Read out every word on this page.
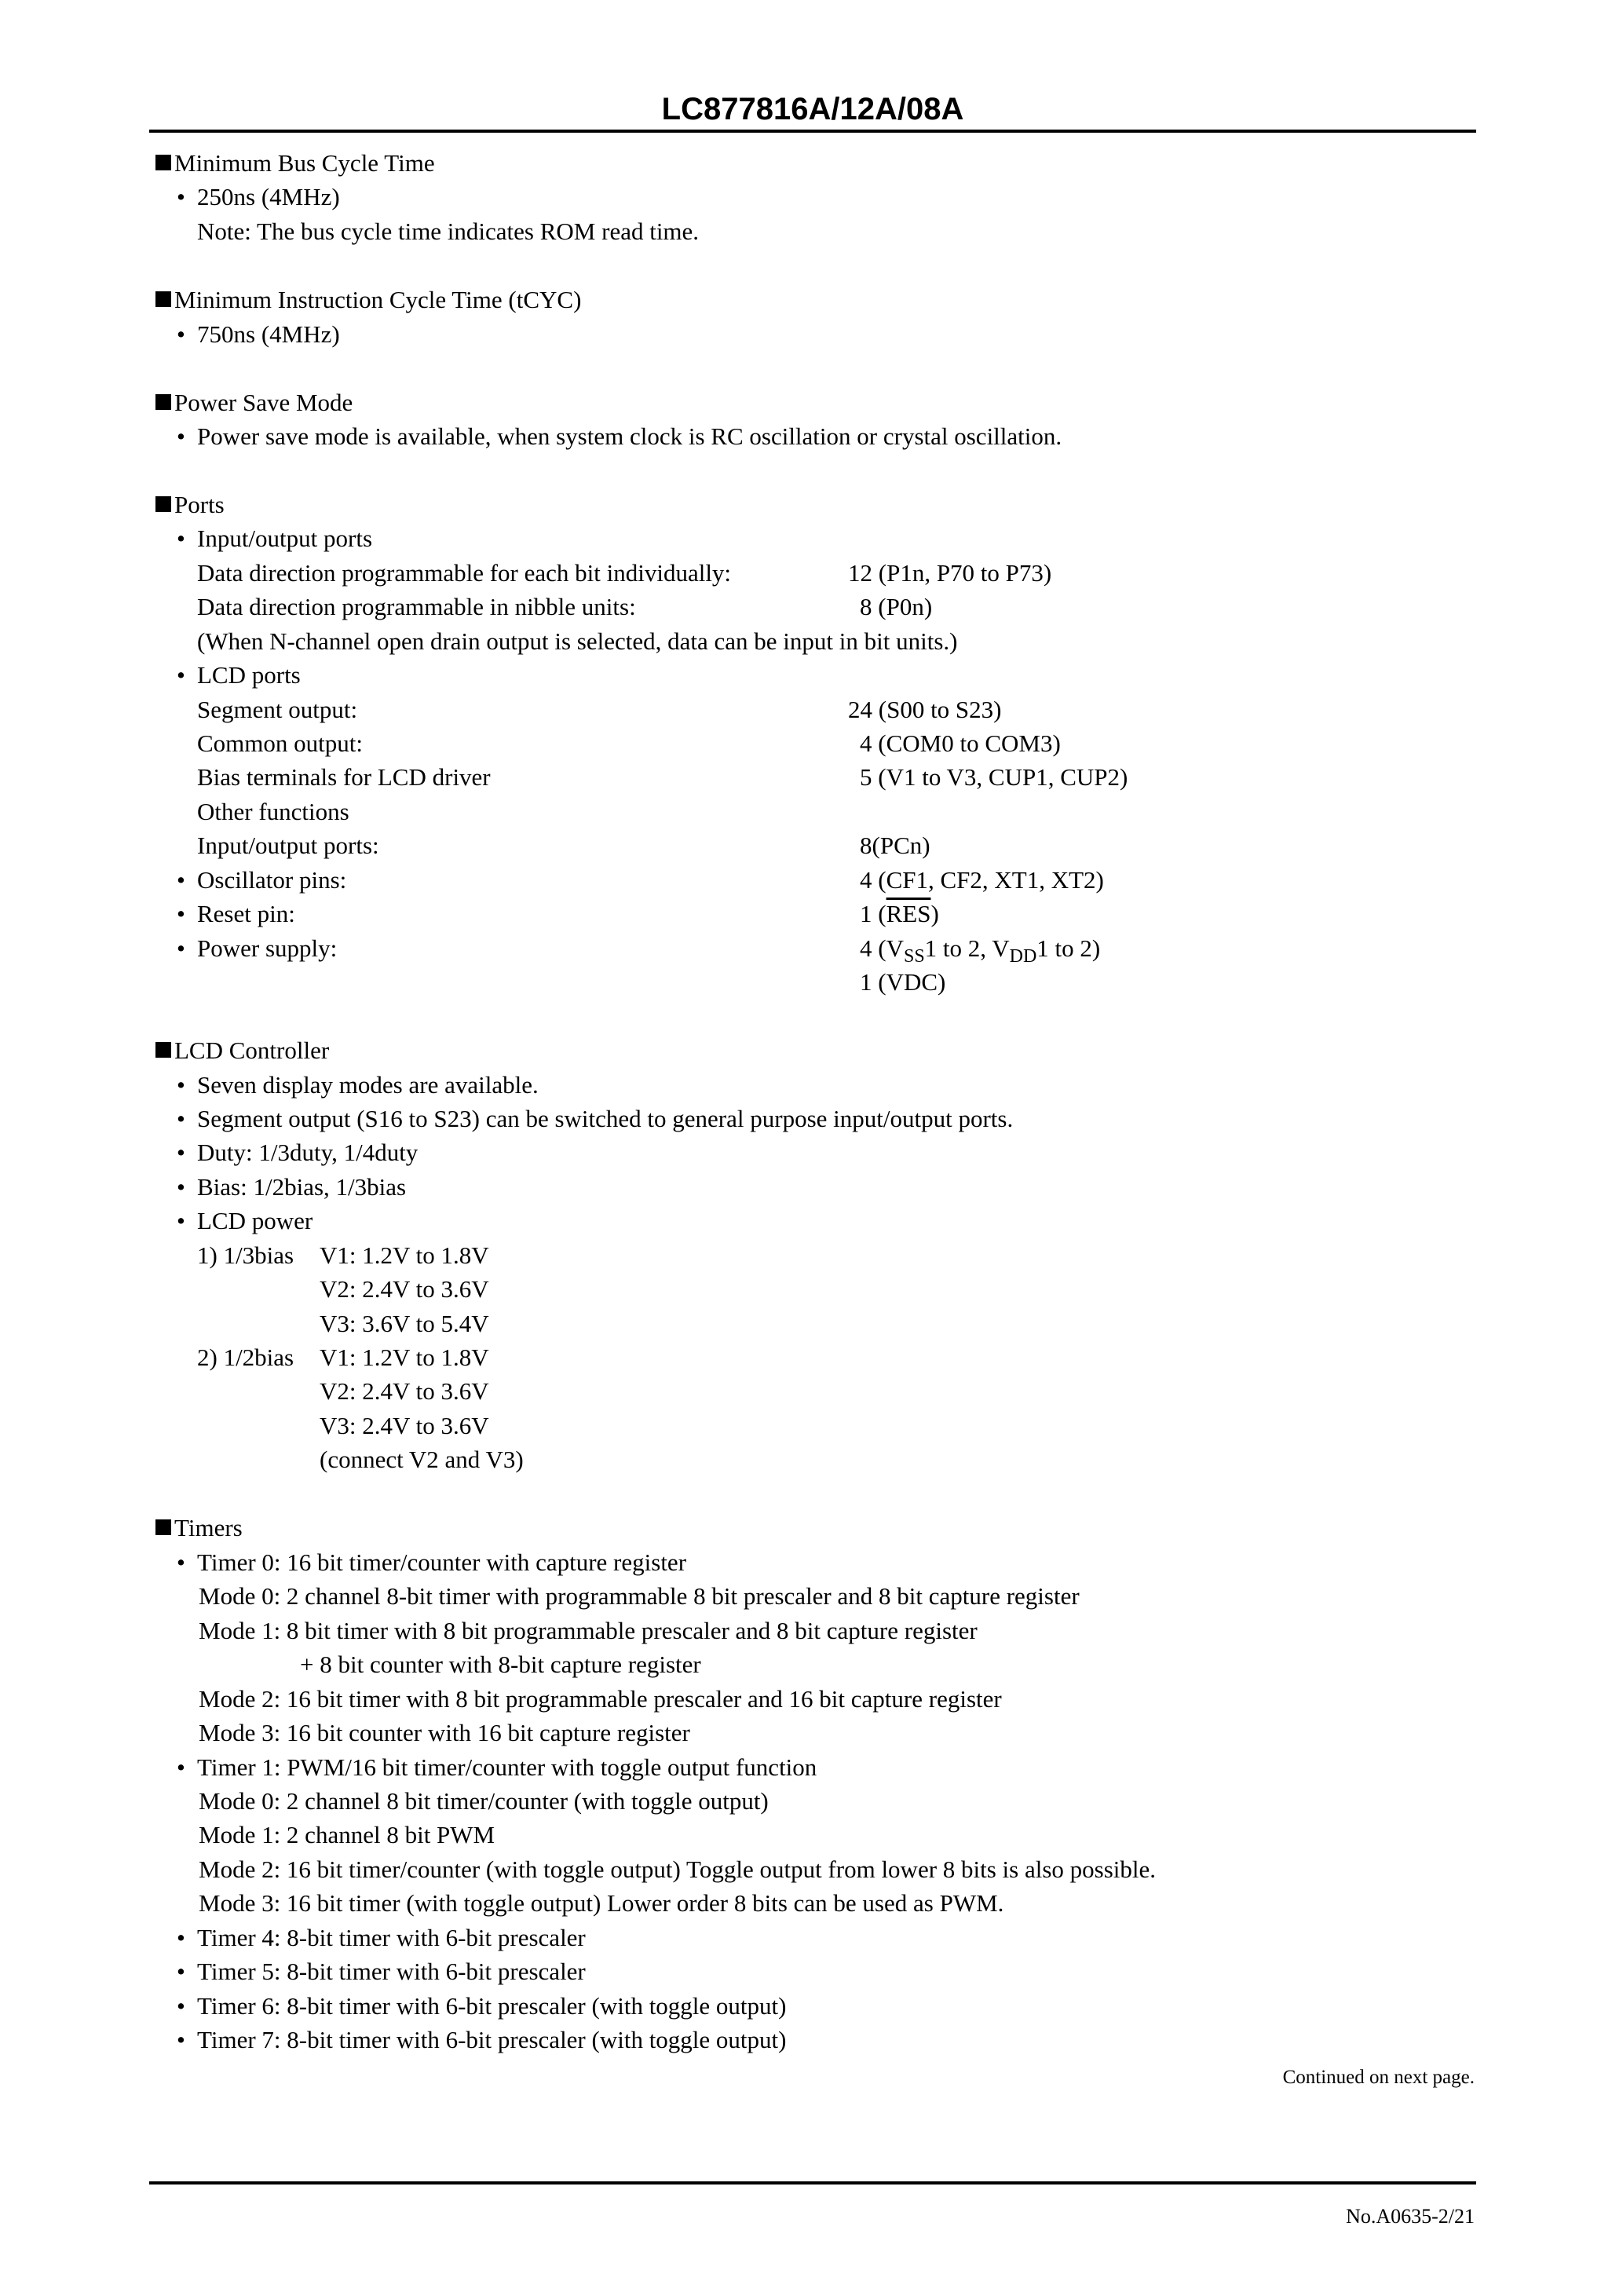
LC877816A/12A/08A
Minimum Bus Cycle Time
• 250ns (4MHz)
Note: The bus cycle time indicates ROM read time.
Minimum Instruction Cycle Time (tCYC)
• 750ns (4MHz)
Power Save Mode
• Power save mode is available, when system clock is RC oscillation or crystal oscillation.
Ports
• Input/output ports
Data direction programmable for each bit individually:	12 (P1n, P70 to P73)
Data direction programmable in nibble units:	8 (P0n)
(When N-channel open drain output is selected, data can be input in bit units.)
• LCD ports
Segment output:	24 (S00 to S23)
Common output:	4 (COM0 to COM3)
Bias terminals for LCD driver	5 (V1 to V3, CUP1, CUP2)
Other functions
Input/output ports:	8(PCn)
• Oscillator pins:	4 (CF1, CF2, XT1, XT2)
• Reset pin:	1 $(\overline{RES})$
• Power supply:	4 ($V_{SS}1$ to 2, $V_{DD}1$ to 2)
1 (VDC)
LCD Controller
• Seven display modes are available.
• Segment output (S16 to S23) can be switched to general purpose input/output ports.
• Duty: 1/3duty, 1/4duty
• Bias: 1/2bias, 1/3bias
• LCD power
1) 1/3bias V1: 1.2V to 1.8V
V2: 2.4V to 3.6V
V3: 3.6V to 5.4V
2) 1/2bias V1: 1.2V to 1.8V
V2: 2.4V to 3.6V
V3: 2.4V to 3.6V
(connect V2 and V3)
Timers
• Timer 0: 16 bit timer/counter with capture register
Mode 0: 2 channel 8-bit timer with programmable 8 bit prescaler and 8 bit capture register
Mode 1: 8 bit timer with 8 bit programmable prescaler and 8 bit capture register
+ 8 bit counter with 8-bit capture register
Mode 2: 16 bit timer with 8 bit programmable prescaler and 16 bit capture register
Mode 3: 16 bit counter with 16 bit capture register
• Timer 1: PWM/16 bit timer/counter with toggle output function
Mode 0: 2 channel 8 bit timer/counter (with toggle output)
Mode 1: 2 channel 8 bit PWM
Mode 2: 16 bit timer/counter (with toggle output) Toggle output from lower 8 bits is also possible.
Mode 3: 16 bit timer (with toggle output) Lower order 8 bits can be used as PWM.
• Timer 4: 8-bit timer with 6-bit prescaler
• Timer 5: 8-bit timer with 6-bit prescaler
• Timer 6: 8-bit timer with 6-bit prescaler (with toggle output)
• Timer 7: 8-bit timer with 6-bit prescaler (with toggle output)
Continued on next page.
No.A0635-2/21
